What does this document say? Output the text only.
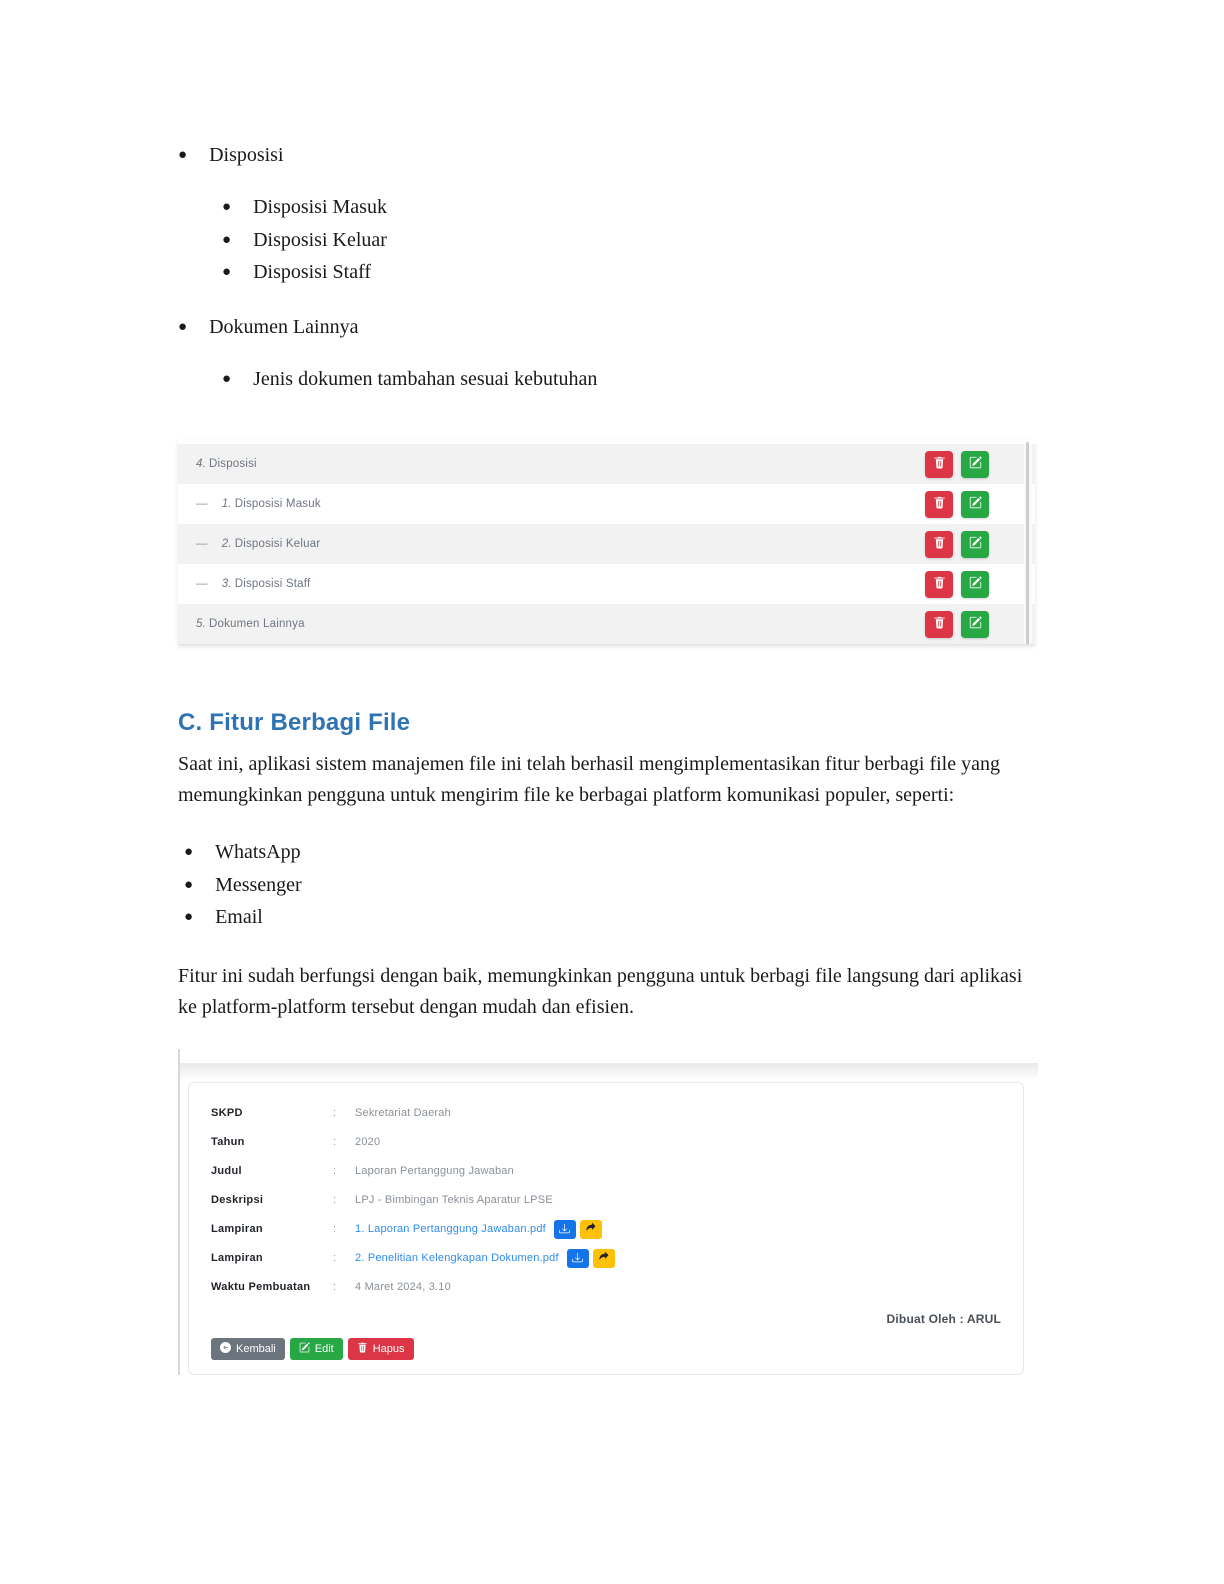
● Disposisi
● Disposisi Masuk
● Disposisi Keluar
● Disposisi Staff
● Dokumen Lainnya
● Jenis dokumen tambahan sesuai kebutuhan
4. Disposisi
— 1. Disposisi Masuk
— 2. Disposisi Keluar
— 3. Disposisi Staff
5. Dokumen Lainnya
C. Fitur Berbagi File

Saat ini, aplikasi sistem manajemen file ini telah berhasil mengimplementasikan fitur berbagi file yang memungkinkan pengguna untuk mengirim file ke berbagai platform komunikasi populer, seperti:

● WhatsApp
● Messenger
● Email

Fitur ini sudah berfungsi dengan baik, memungkinkan pengguna untuk berbagi file langsung dari aplikasi ke platform-platform tersebut dengan mudah dan efisien.

SKPD	:	Sekretariat Daerah
Tahun	:	2020
Judul	:	Laporan Pertanggung Jawaban
Deskripsi	:	LPJ - Bimbingan Teknis Aparatur LPSE
Lampiran	:	1. Laporan Pertanggung Jawaban.pdf
Lampiran	:	2. Penelitian Kelengkapan Dokumen.pdf
Waktu Pembuatan	:	4 Maret 2024, 3.10
Dibuat Oleh : ARUL
Kembali	Edit	Hapus
